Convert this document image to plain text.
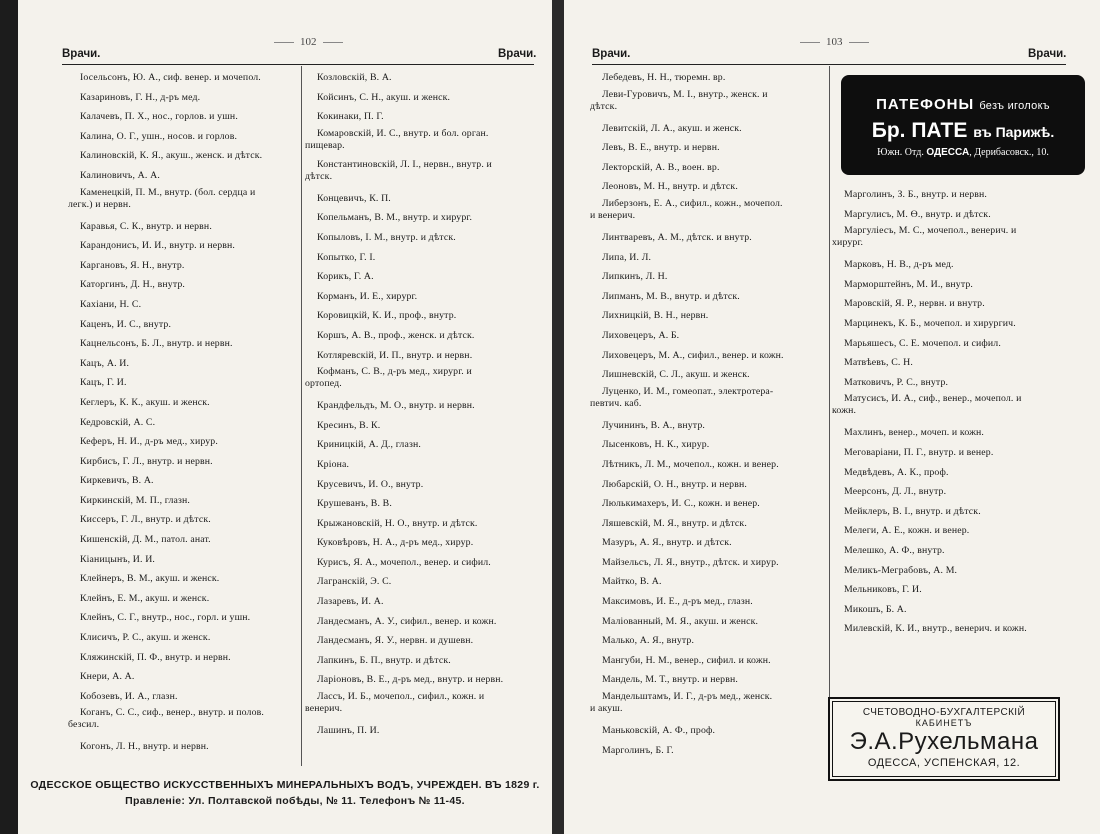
102
Врачи.	Врачи.
Іосельсонъ, Ю. А., сиф. венер. и мочепол.
Казариновъ, Г. Н., д-ръ мед.
Калачевъ, П. Х., нос., горлов. и ушн.
Калина, О. Г., ушн., носов. и горлов.
Калиновскій, К. Я., акуш., женск. и дѣтск.
Калиновичъ, А. А.
Каменецкій, П. М., внутр. (бол. сердца и
легк.) и нервн.
Каравья, С. К., внутр. и нервн.
Карандонисъ, И. И., внутр. и нервн.
Каргановъ, Я. Н., внутр.
Каторгинъ, Д. Н., внутр.
Кахіани, Н. С.
Каценъ, И. С., внутр.
Кацнельсонъ, Б. Л., внутр. и нервн.
Кацъ, А. И.
Кацъ, Г. И.
Кеглеръ, К. К., акуш. и женск.
Кедровскій, А. С.
Кеферъ, Н. И., д-ръ мед., хирур.
Кирбисъ, Г. Л., внутр. и нервн.
Киркевичъ, В. А.
Киркинскій, М. П., глазн.
Киссеръ, Г. Л., внутр. и дѣтск.
Кишенскій, Д. М., патол. анат.
Кіаницынъ, И. И.
Клейнеръ, В. М., акуш. и женск.
Клейнъ, Е. М., акуш. и женск.
Клейнъ, С. Г., внутр., нос., горл. и ушн.
Клисичъ, Р. С., акуш. и женск.
Кляжинскій, П. Ф., внутр. и нервн.
Кнери, А. А.
Кобозевъ, И. А., глазн.
Коганъ, С. С., сиф., венер., внутр. и полов.
безсил.
Когонъ, Л. Н., внутр. и нервн.
Козловскій, В. А.
Койсинъ, С. Н., акуш. и женск.
Кокинаки, П. Г.
Комаровскій, И. С., внутр. и бол. орган.
пищевар.
Константиновскій, Л. І., нервн., внутр. и
дѣтск.
Концевичъ, К. П.
Копельманъ, В. М., внутр. и хирург.
Копыловъ, І. М., внутр. и дѣтск.
Копытко, Г. І.
Корикъ, Г. А.
Корманъ, И. Е., хирург.
Коровицкій, К. И., проф., внутр.
Коршъ, А. В., проф., женск. и дѣтск.
Котляревскій, И. П., внутр. и нервн.
Кофманъ, С. В., д-ръ мед., хирург. и
ортопед.
Крандфельдъ, М. О., внутр. и нервн.
Кресинъ, В. К.
Криницкій, А. Д., глазн.
Кріона.
Крусевичъ, И. О., внутр.
Крушеванъ, В. В.
Крыжановскій, Н. О., внутр. и дѣтск.
Куковѣровъ, Н. А., д-ръ мед., хирур.
Курисъ, Я. А., мочепол., венер. и сифил.
Лагранскій, Э. С.
Лазаревъ, И. А.
Ландесманъ, А. У., сифил., венер. и кожн.
Ландесманъ, Я. У., нервн. и душевн.
Лапкинъ, Б. П., внутр. и дѣтск.
Ларіоновъ, В. Е., д-ръ мед., внутр. и нервн.
Лассъ, И. Б., мочепол., сифил., кожн. и
венерич.
Лашинъ, П. И.
ОДЕССКОЕ ОБЩЕСТВО ИСКУССТВЕННЫХЪ МИНЕРАЛЬНЫХЪ ВОДЪ, УЧРЕЖДЕН. ВЪ 1829 г.
Правленіе: Ул. Полтавской побѣды, № 11. Телефонъ № 11-45.
103
Врачи.	Врачи.
Лебедевъ, Н. Н., тюремн. вр.
Леви-Гуровичъ, М. І., внутр., женск. и
дѣтск.
Левитскій, Л. А., акуш. и женск.
Левъ, В. Е., внутр. и нервн.
Лекторскій, А. В., воен. вр.
Леоновъ, М. Н., внутр. и дѣтск.
Либерзонъ, Е. А., сифил., кожн., мочепол.
и венерич.
Линтваревъ, А. М., дѣтск. и внутр.
Липа, И. Л.
Липкинъ, Л. Н.
Липманъ, М. В., внутр. и дѣтск.
Лихницкій, В. Н., нервн.
Лиховецеръ, А. Б.
Лиховецеръ, М. А., сифил., венер. и кожн.
Лишневскій, С. Л., акуш. и женск.
Луценко, И. М., гомеопат., электротера-
певтич. каб.
Лучининъ, В. А., внутр.
Лысенковъ, Н. К., хирур.
Лѣтникъ, Л. М., мочепол., кожн. и венер.
Любарскій, О. Н., внутр. и нервн.
Люлькимахеръ, И. С., кожн. и венер.
Ляшевскій, М. Я., внутр. и дѣтск.
Мазуръ, А. Я., внутр. и дѣтск.
Майзельсъ, Л. Я., внутр., дѣтск. и хирур.
Майтко, В. А.
Максимовъ, И. Е., д-ръ мед., глазн.
Маліованный, М. Я., акуш. и женск.
Малько, А. Я., внутр.
Мангуби, Н. М., венер., сифил. и кожн.
Мандель, М. Т., внутр. и нервн.
Мандельштамъ, И. Г., д-ръ мед., женск.
и акуш.
Маньковскій, А. Ф., проф.
Марголинъ, Б. Г.
Марголинъ, З. Б., внутр. и нервн.
Маргулисъ, М. Ө., внутр. и дѣтск.
Маргуліесъ, М. С., мочепол., венерич. и
хирург.
Марковъ, Н. В., д-ръ мед.
Марморштейнъ, М. И., внутр.
Маровскій, Я. Р., нервн. и внутр.
Марцинекъ, К. Б., мочепол. и хирургич.
Марьяшесъ, С. Е. мочепол. и сифил.
Матвѣевъ, С. Н.
Матковичъ, Р. С., внутр.
Матусисъ, И. А., сиф., венер., мочепол. и
кожн.
Махлинъ, венер., мочеп. и кожн.
Меговаріани, П. Г., внутр. и венер.
Медвѣдевъ, А. К., проф.
Меерсонъ, Д. Л., внутр.
Мейклеръ, В. І., внутр. и дѣтск.
Мелеги, А. Е., кожн. и венер.
Мелешко, А. Ф., внутр.
Меликъ-Меграбовъ, А. М.
Мельниковъ, Г. И.
Микошъ, Б. А.
Милевскій, К. И., внутр., венерич. и кожн.
ПАТЕФОНЫ безъ иголокъ
Бр. ПАТЕ въ Парижѣ.
Южн. Отд. ОДЕССА, Дерибасовск., 10.
СЧЕТОВОДНО-БУХГАЛТЕРСКІЙ
КАБИНЕТЪ
Э.А.Рухельмана
ОДЕССА, УСПЕНСКАЯ, 12.
